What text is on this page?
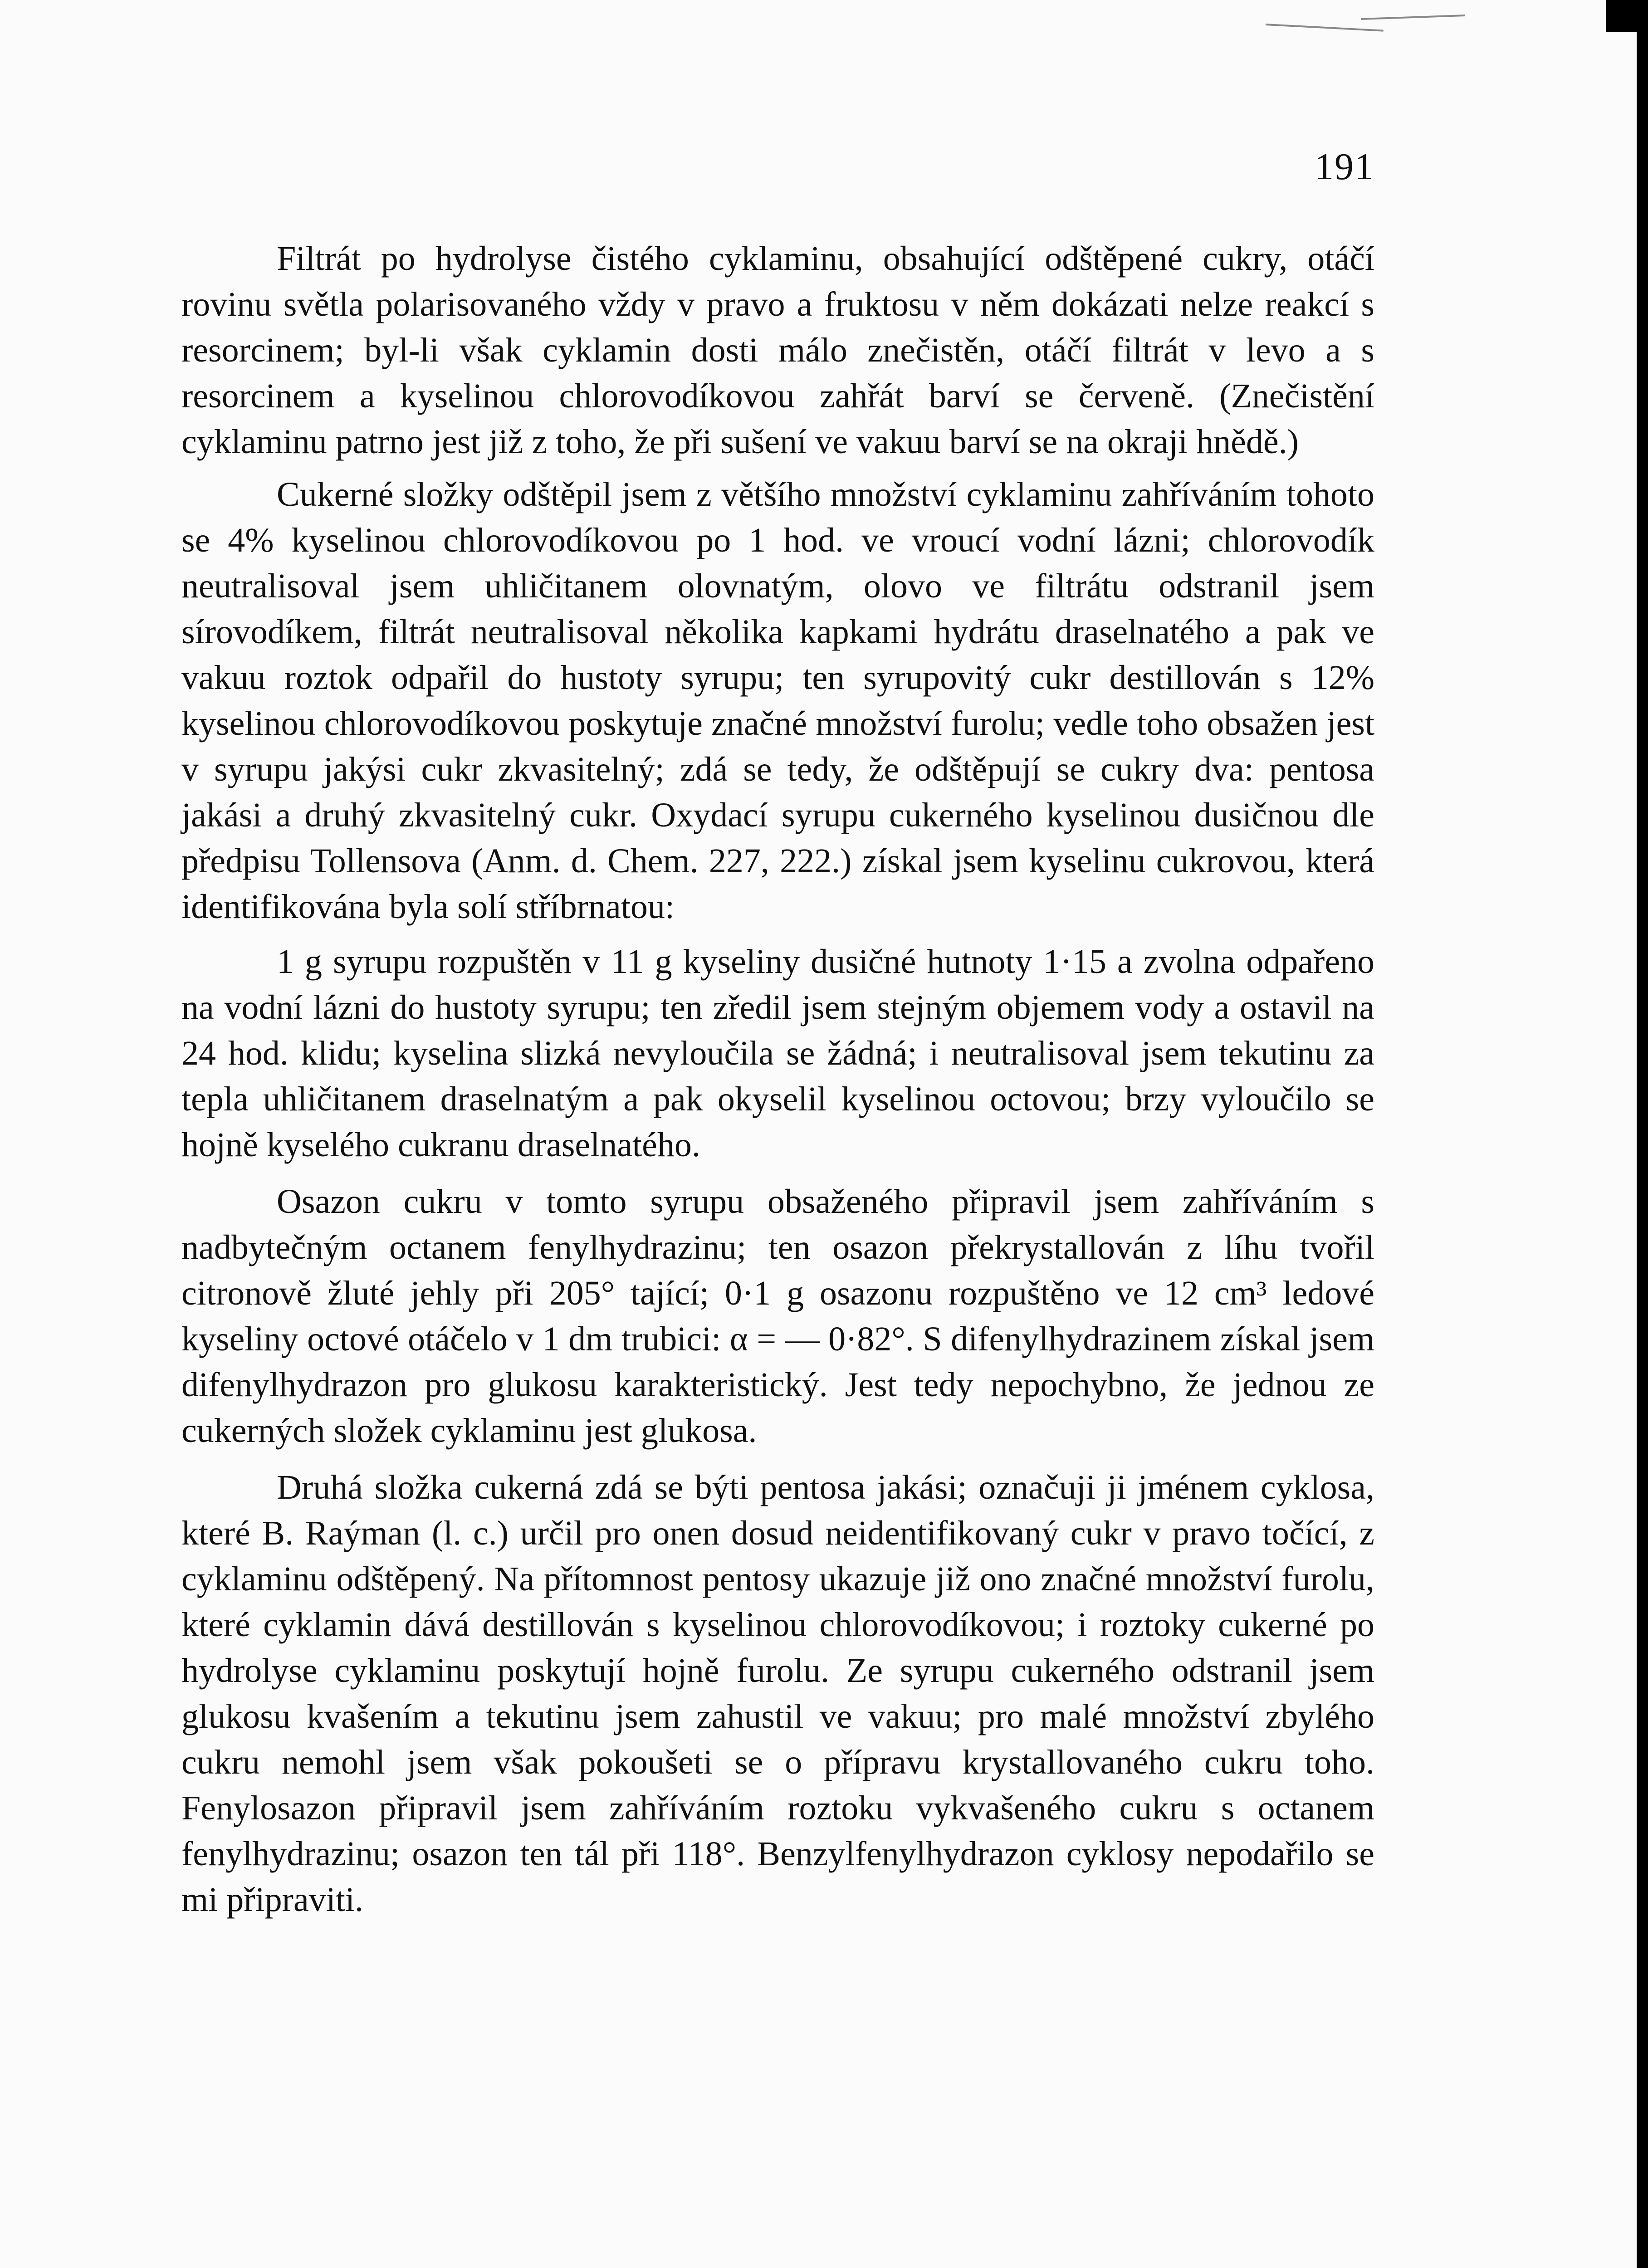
191

Filtrát po hydrolyse čistého cyklaminu, obsahující odštěpené cukry, otáčí rovinu světla polarisovaného vždy v pravo a fruktosu v něm dokázati nelze reakcí s resorcinem; byl-li však cyklamin dosti málo znečistěn, otáčí filtrát v levo a s resorcinem a kyselinou chlorovodíkovou zahřát barví se červeně. (Znečistění cyklaminu patrno jest již z toho, že při sušení ve vakuu barví se na okraji hnědě.)

Cukerné složky odštěpil jsem z většího množství cyklaminu zahříváním tohoto se 4% kyselinou chlorovodíkovou po 1 hod. ve vroucí vodní lázni; chlorovodík neutralisoval jsem uhličitanem olovnatým, olovo ve filtrátu odstranil jsem sírovodíkem, filtrát neutralisoval několika kapkami hydrátu draselnatého a pak ve vakuu roztok odpařil do hustoty syrupu; ten syrupovitý cukr destillován s 12% kyselinou chlorovodíkovou poskytuje značné množství furolu; vedle toho obsažen jest v syrupu jakýsi cukr zkvasitelný; zdá se tedy, že odštěpují se cukry dva: pentosa jakási a druhý zkvasitelný cukr. Oxydací syrupu cukerného kyselinou dusičnou dle předpisu Tollensova (Anm. d. Chem. 227, 222.) získal jsem kyselinu cukrovou, která identifikována byla solí stříbrnatou:

1 g syrupu rozpuštěn v 11 g kyseliny dusičné hutnoty 1·15 a zvolna odpařeno na vodní lázni do hustoty syrupu; ten zředil jsem stejným objemem vody a ostavil na 24 hod. klidu; kyselina slizká nevyloučila se žádná; i neutralisoval jsem tekutinu za tepla uhličitanem draselnatým a pak okyselil kyselinou octovou; brzy vyloučilo se hojně kyselého cukranu draselnatého.

Osazon cukru v tomto syrupu obsaženého připravil jsem zahříváním s nadbytečným octanem fenylhydrazinu; ten osazon překrystallován z líhu tvořil citronově žluté jehly při 205° tající; 0·1 g osazonu rozpuštěno ve 12 cm³ ledové kyseliny octové otáčelo v 1 dm trubici: α = — 0·82°. S difenylhydrazinem získal jsem difenylhydrazon pro glukosu karakteristický. Jest tedy nepochybno, že jednou ze cukerných složek cyklaminu jest glukosa.

Druhá složka cukerná zdá se býti pentosa jakási; označuji ji jménem cyklosa, které B. Raýman (l. c.) určil pro onen dosud neidentifikovaný cukr v pravo točící, z cyklaminu odštěpený. Na přítomnost pentosy ukazuje již ono značné množství furolu, které cyklamin dává destillován s kyselinou chlorovodíkovou; i roztoky cukerné po hydrolyse cyklaminu poskytují hojně furolu. Ze syrupu cukerného odstranil jsem glukosu kvašením a tekutinu jsem zahustil ve vakuu; pro malé množství zbylého cukru nemohl jsem však pokoušeti se o přípravu krystallovaného cukru toho. Fenylosazon připravil jsem zahříváním roztoku vykvašeného cukru s octanem fenylhydrazinu; osazon ten tál při 118°. Benzylfenylhydrazon cyklosy nepodařilo se mi připraviti.
